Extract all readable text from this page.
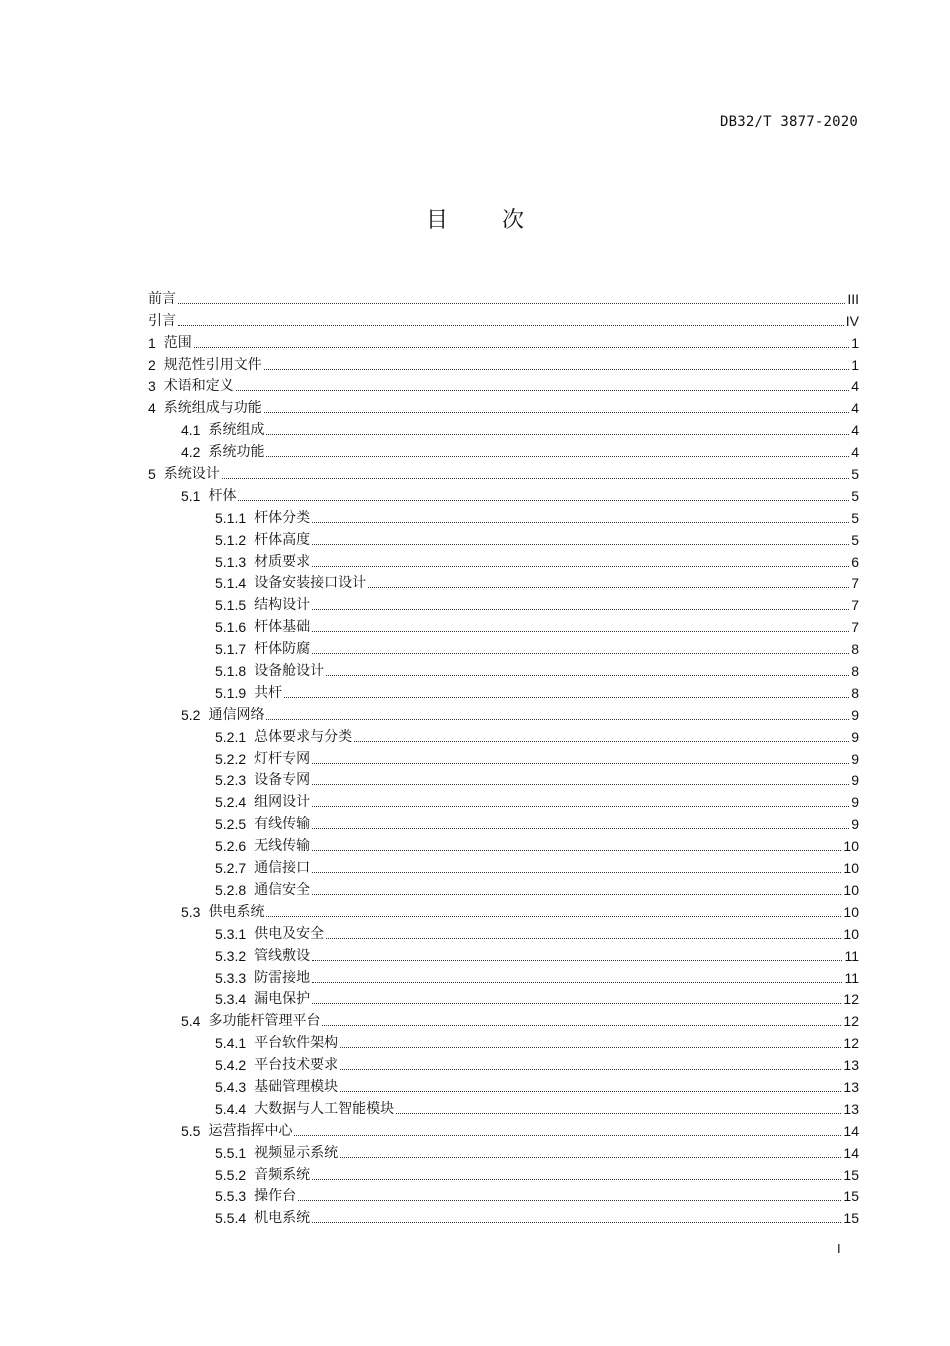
DB32/T 3877-2020
目 次
前言	III
引言	IV
1 范围	1
2 规范性引用文件	1
3 术语和定义	4
4 系统组成与功能	4
4.1 系统组成	4
4.2 系统功能	4
5 系统设计	5
5.1 杆体	5
5.1.1 杆体分类	5
5.1.2 杆体高度	5
5.1.3 材质要求	6
5.1.4 设备安装接口设计	7
5.1.5 结构设计	7
5.1.6 杆体基础	7
5.1.7 杆体防腐	8
5.1.8 设备舱设计	8
5.1.9 共杆	8
5.2 通信网络	9
5.2.1 总体要求与分类	9
5.2.2 灯杆专网	9
5.2.3 设备专网	9
5.2.4 组网设计	9
5.2.5 有线传输	9
5.2.6 无线传输	10
5.2.7 通信接口	10
5.2.8 通信安全	10
5.3 供电系统	10
5.3.1 供电及安全	10
5.3.2 管线敷设	11
5.3.3 防雷接地	11
5.3.4 漏电保护	12
5.4 多功能杆管理平台	12
5.4.1 平台软件架构	12
5.4.2 平台技术要求	13
5.4.3 基础管理模块	13
5.4.4 大数据与人工智能模块	13
5.5 运营指挥中心	14
5.5.1 视频显示系统	14
5.5.2 音频系统	15
5.5.3 操作台	15
5.5.4 机电系统	15
I
